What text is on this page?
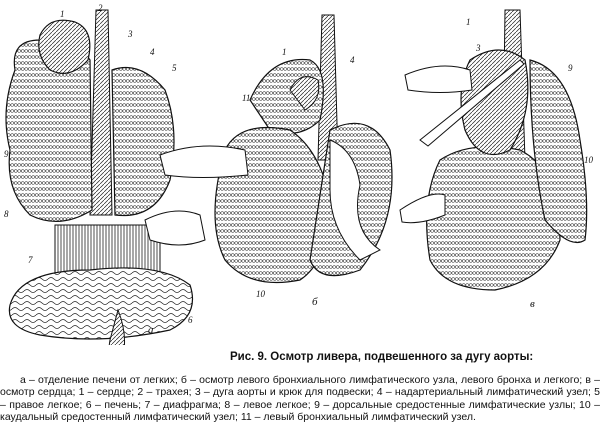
1
2
3
4
5
9
8
7
6
1
4
11
10
1
3
9
10
а
б	в
Рис. 9. Осмотр ливера, подвешенного за дугу аорты:
а – отделение печени от легких; б – осмотр левого бронхиального лимфатического узла, левого бронха и легкого; в – осмотр сердца; 1 – сердце; 2 – трахея; 3 – дуга аорты и крюк для подвески; 4 – надартериальный лимфатический узел; 5 – правое легкое; 6 – печень; 7 – диафрагма; 8 – левое легкое; 9 – дорсальные средостенные лимфатические узлы; 10 – каудальный средостенный лимфатический узел; 11 – левый бронхиальный лимфатический узел.
